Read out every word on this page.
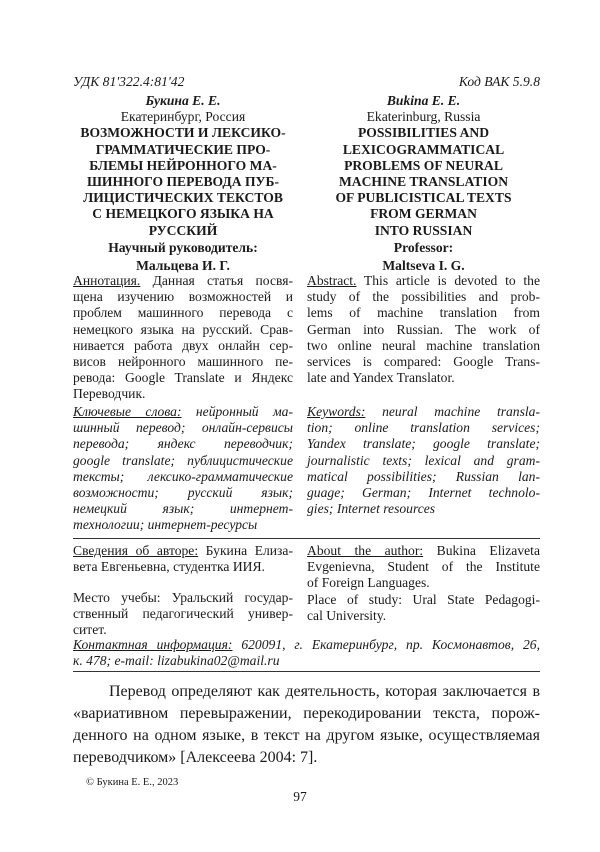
УДК 81'322.4:81'42	Код ВАК 5.9.8
Букина Е. Е.
Екатеринбург, Россия
ВОЗМОЖНОСТИ И ЛЕКСИКО-
ГРАММАТИЧЕСКИЕ ПРО-
БЛЕМЫ НЕЙРОННОГО МА-
ШИННОГО ПЕРЕВОДА ПУБ-
ЛИЦИСТИЧЕСКИХ ТЕКСТОВ
С НЕМЕЦКОГО ЯЗЫКА НА
РУССКИЙ
Научный руководитель:
Мальцева И. Г.
Аннотация. Данная статья посвя-
щена изучению возможностей и
проблем машинного перевода с
немецкого языка на русский. Срав-
нивается работа двух онлайн сер-
висов нейронного машинного пе-
ревода: Google Translate и Яндекс
Переводчик.
Ключевые слова: нейронный ма-
шинный перевод; онлайн-сервисы
перевода; яндекс переводчик;
google translate; публицистические
тексты; лексико-грамматические
возможности; русский язык;
немецкий язык; интернет-
технологии; интернет-ресурсы
Bukina E. E.
Ekaterinburg, Russia
POSSIBILITIES AND
LEXICOGRAMMATICAL
PROBLEMS OF NEURAL
MACHINE TRANSLATION
OF PUBLICISTICAL TEXTS
FROM GERMAN
INTO RUSSIAN
Professor:
Maltseva I. G.
Abstract. This article is devoted to the
study of the possibilities and prob-
lems of machine translation from
German into Russian. The work of
two online neural machine translation
services is compared: Google Trans-
late and Yandex Translator.
Keywords: neural machine transla-
tion; online translation services;
Yandex translate; google translate;
journalistic texts; lexical and gram-
matical possibilities; Russian lan-
guage; German; Internet technolo-
gies; Internet resources
Сведения об авторе: Букина Елиза-
вета Евгеньевна, студентка ИИЯ.
Место учебы: Уральский государ-
ственный педагогический универ-
ситет.
About the author: Bukina Elizaveta
Evgenievna, Student of the Institute
of Foreign Languages.
Place of study: Ural State Pedagogi-
cal University.
Контактная информация: 620091, г. Екатеринбург, пр. Космонавтов, 26,
к. 478; e-mail: lizabukina02@mail.ru
Перевод определяют как деятельность, которая заключается в
«вариативном перевыражении, перекодировании текста, порож-
денного на одном языке, в текст на другом языке, осуществляемая
переводчиком» [Алексеева 2004: 7].
© Букина Е. Е., 2023
97
